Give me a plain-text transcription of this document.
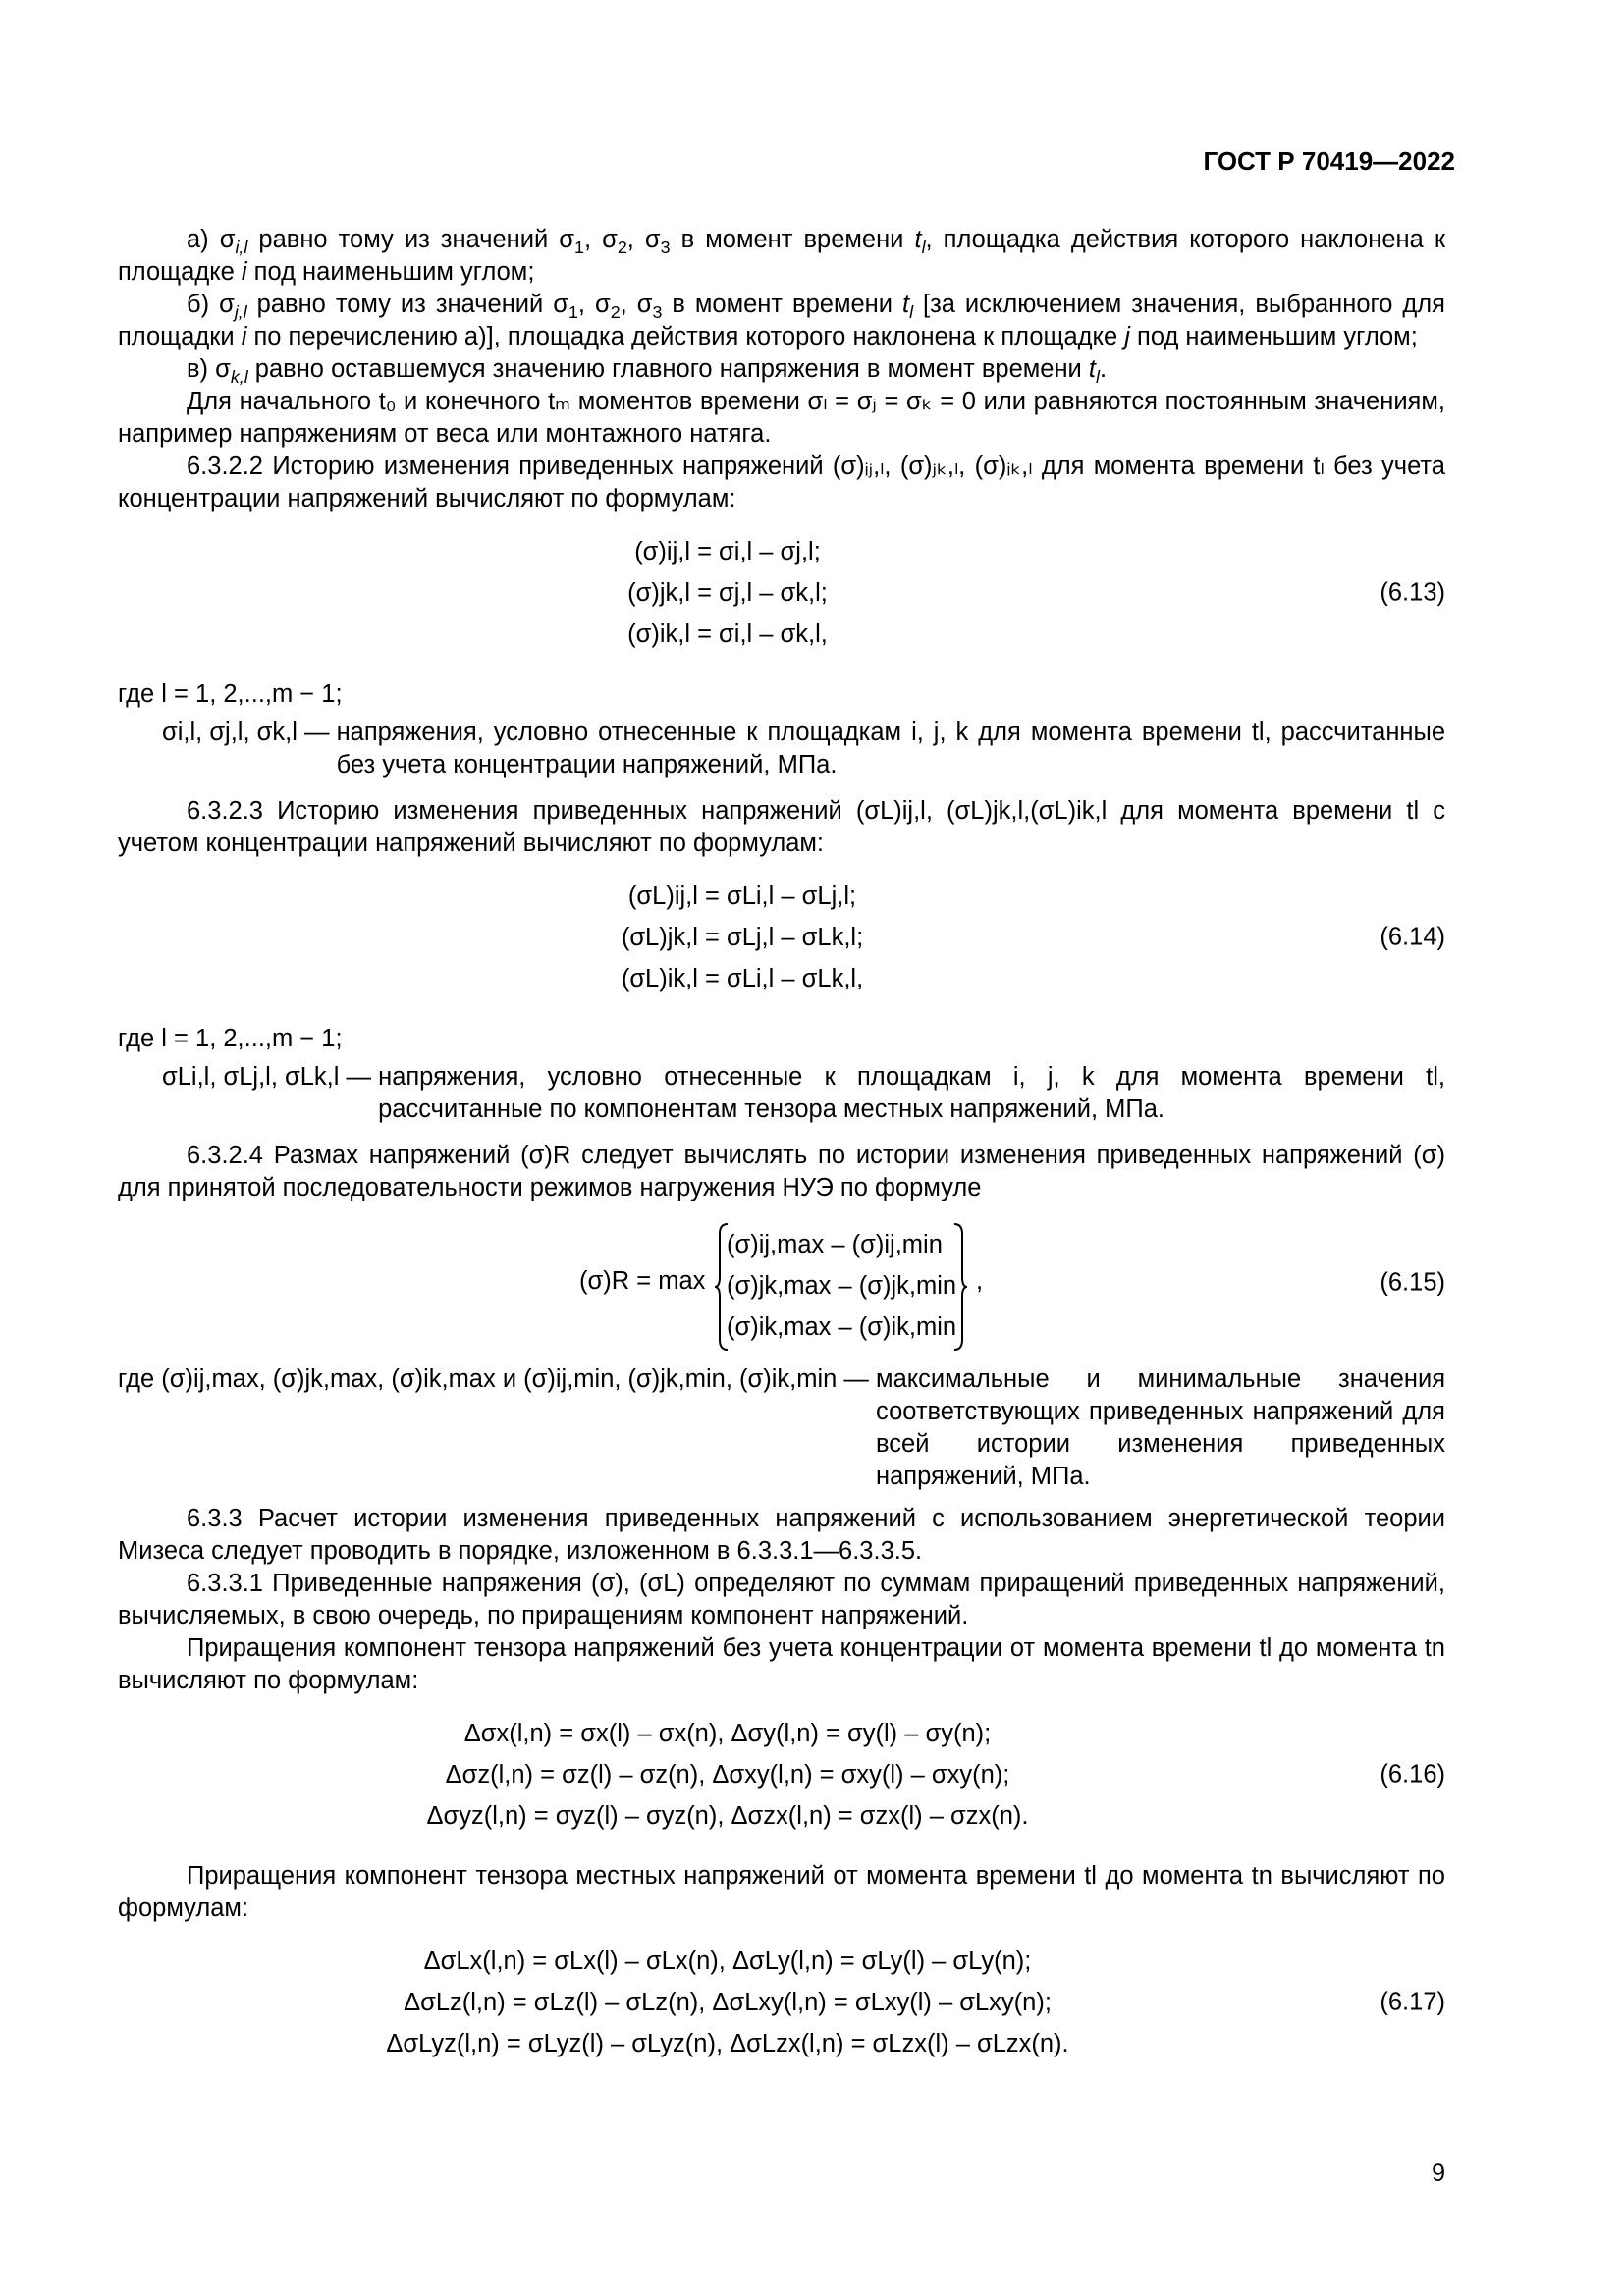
ГОСТ Р 70419—2022

а) $\sigma_{i,l}$ равно тому из значений $\sigma_1$, $\sigma_2$, $\sigma_3$ в момент времени $t_l$, площадка действия которого наклонена к площадке i под наименьшим углом;

б) $\sigma_{j,l}$ равно тому из значений $\sigma_1$, $\sigma_2$, $\sigma_3$ в момент времени $t_l$ [за исключением значения, выбранного для площадки i по перечислению а)], площадка действия которого наклонена к площадке j под наименьшим углом;

в) $\sigma_{k,l}$ равно оставшемуся значению главного напряжения в момент времени $t_l$.

Для начального t₀ и конечного tₘ моментов времени σₗ = σⱼ = σₖ = 0 или равняются постоянным значениям, например напряжениям от веса или монтажного натяга.

6.3.2.2 Историю изменения приведенных напряжений (σ)ᵢⱼ,ₗ, (σ)ⱼₖ,ₗ, (σ)ᵢₖ,ₗ для момента времени tₗ без учета концентрации напряжений вычисляют по формулам:

(σ)ij,l = σi,l – σj,l;
(σ)jk,l = σj,l – σk,l;
(σ)ik,l = σi,l – σk,l,
(6.13)

где l = 1, 2,...,m − 1;

σi,l, σj,l, σk,l —
напряжения, условно отнесенные к площадкам i, j, k для момента времени tl, рассчитанные без учета концентрации напряжений, МПа.

6.3.2.3 Историю изменения приведенных напряжений (σL)ij,l, (σL)jk,l,(σL)ik,l для момента времени tl с учетом концентрации напряжений вычисляют по формулам:

(σL)ij,l = σLi,l – σLj,l;
(σL)jk,l = σLj,l – σLk,l;
(σL)ik,l = σLi,l – σLk,l,
(6.14)

где l = 1, 2,...,m − 1;

σLi,l, σLj,l, σLk,l —
напряжения, условно отнесенные к площадкам i, j, k для момента времени tl, рассчитанные по компонентам тензора местных напряжений, МПа.

6.3.2.4 Размах напряжений (σ)R следует вычислять по истории изменения приведенных напряжений (σ) для принятой последовательности режимов нагружения НУЭ по формуле

(σ)R = max
(σ)ij,max – (σ)ij,min
(σ)jk,max – (σ)jk,min
(σ)ik,max – (σ)ik,min
,	(6.15)
где (σ)ij,max, (σ)jk,max, (σ)ik,max и (σ)ij,min, (σ)jk,min, (σ)ik,min —
максимальные и минимальные значения соответствующих приведенных напряжений для всей истории изменения приведенных напряжений, МПа.

6.3.3 Расчет истории изменения приведенных напряжений с использованием энергетической теории Мизеса следует проводить в порядке, изложенном в 6.3.3.1—6.3.3.5.

6.3.3.1 Приведенные напряжения (σ), (σL) определяют по суммам приращений приведенных напряжений, вычисляемых, в свою очередь, по приращениям компонент напряжений.

Приращения компонент тензора напряжений без учета концентрации от момента времени tl до момента tn вычисляют по формулам:

Δσx(l,n) = σx(l) – σx(n), Δσy(l,n) = σy(l) – σy(n);
Δσz(l,n) = σz(l) – σz(n), Δσxy(l,n) = σxy(l) – σxy(n);
Δσyz(l,n) = σyz(l) – σyz(n), Δσzx(l,n) = σzx(l) – σzx(n).
(6.16)

Приращения компонент тензора местных напряжений от момента времени tl до момента tn вычисляют по формулам:

ΔσLx(l,n) = σLx(l) – σLx(n), ΔσLy(l,n) = σLy(l) – σLy(n);
ΔσLz(l,n) = σLz(l) – σLz(n), ΔσLxy(l,n) = σLxy(l) – σLxy(n);
ΔσLyz(l,n) = σLyz(l) – σLyz(n), ΔσLzx(l,n) = σLzx(l) – σLzx(n).
(6.17)
9
